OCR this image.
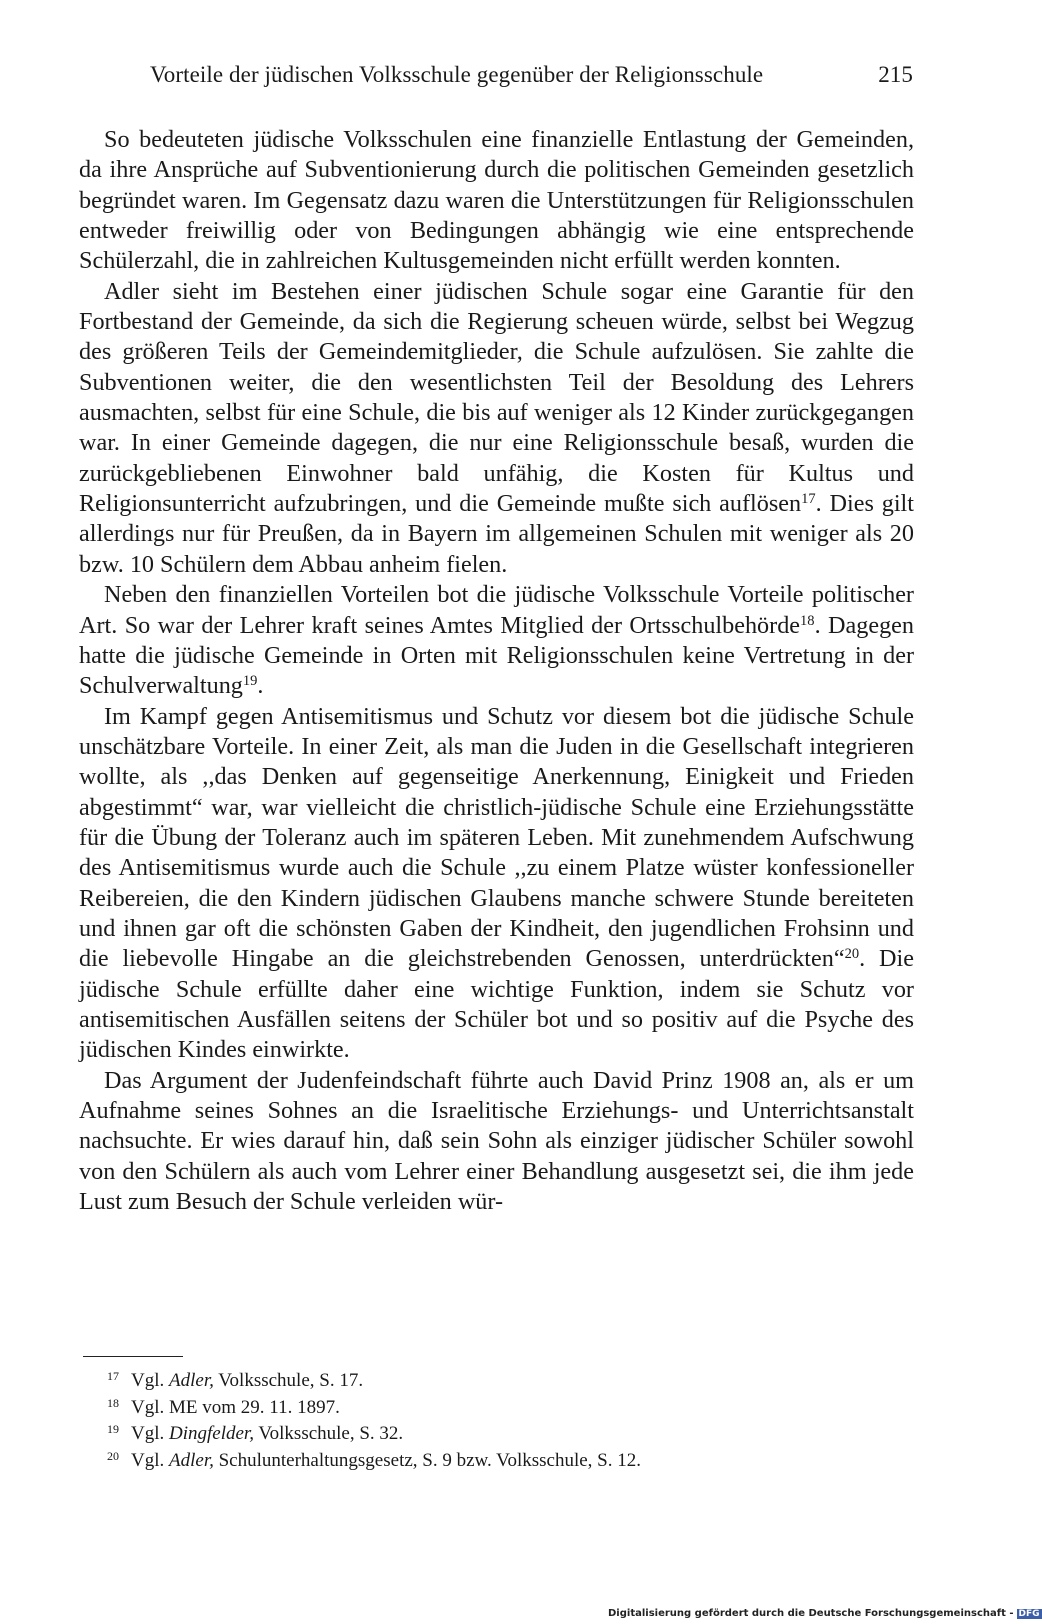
Vorteile der jüdischen Volksschule gegenüber der Religionsschule	215

So bedeuteten jüdische Volksschulen eine finanzielle Entlastung der Gemeinden, da ihre Ansprüche auf Subventionierung durch die politischen Gemeinden gesetzlich begründet waren. Im Gegensatz dazu waren die Unterstützungen für Religionsschulen entweder freiwillig oder von Bedingungen abhängig wie eine entsprechende Schülerzahl, die in zahlreichen Kultusgemeinden nicht erfüllt werden konnten.

Adler sieht im Bestehen einer jüdischen Schule sogar eine Garantie für den Fortbestand der Gemeinde, da sich die Regierung scheuen würde, selbst bei Wegzug des größeren Teils der Gemeindemitglieder, die Schule aufzulösen. Sie zahlte die Subventionen weiter, die den wesentlichsten Teil der Besoldung des Lehrers ausmachten, selbst für eine Schule, die bis auf weniger als 12 Kinder zurückgegangen war. In einer Gemeinde dagegen, die nur eine Religionsschule besaß, wurden die zurückgebliebenen Einwohner bald unfähig, die Kosten für Kultus und Religionsunterricht aufzubringen, und die Gemeinde mußte sich auflösen$^{17}$. Dies gilt allerdings nur für Preußen, da in Bayern im allgemeinen Schulen mit weniger als 20 bzw. 10 Schülern dem Abbau anheim fielen.

Neben den finanziellen Vorteilen bot die jüdische Volksschule Vorteile politischer Art. So war der Lehrer kraft seines Amtes Mitglied der Ortsschulbehörde$^{18}$. Dagegen hatte die jüdische Gemeinde in Orten mit Religionsschulen keine Vertretung in der Schulverwaltung$^{19}$.

Im Kampf gegen Antisemitismus und Schutz vor diesem bot die jüdische Schule unschätzbare Vorteile. In einer Zeit, als man die Juden in die Gesellschaft integrieren wollte, als ,,das Denken auf gegenseitige Anerkennung, Einigkeit und Frieden abgestimmt“ war, war vielleicht die christlich-jüdische Schule eine Erziehungsstätte für die Übung der Toleranz auch im späteren Leben. Mit zunehmendem Aufschwung des Antisemitismus wurde auch die Schule ,,zu einem Platze wüster konfessioneller Reibereien, die den Kindern jüdischen Glaubens manche schwere Stunde bereiteten und ihnen gar oft die schönsten Gaben der Kindheit, den jugendlichen Frohsinn und die liebevolle Hingabe an die gleichstrebenden Genossen, unterdrückten“$^{20}$. Die jüdische Schule erfüllte daher eine wichtige Funktion, indem sie Schutz vor antisemitischen Ausfällen seitens der Schüler bot und so positiv auf die Psyche des jüdischen Kindes einwirkte.

Das Argument der Judenfeindschaft führte auch David Prinz 1908 an, als er um Aufnahme seines Sohnes an die Israelitische Erziehungs- und Unterrichtsanstalt nachsuchte. Er wies darauf hin, daß sein Sohn als einziger jüdischer Schüler sowohl von den Schülern als auch vom Lehrer einer Behandlung ausgesetzt sei, die ihm jede Lust zum Besuch der Schule verleiden wür-

17 Vgl. Adler, Volksschule, S. 17.
18 Vgl. ME vom 29. 11. 1897.
19 Vgl. Dingfelder, Volksschule, S. 32.
20 Vgl. Adler, Schulunterhaltungsgesetz, S. 9 bzw. Volksschule, S. 12.
Digitalisierung gefördert durch die Deutsche Forschungsgemeinschaft - DFG
